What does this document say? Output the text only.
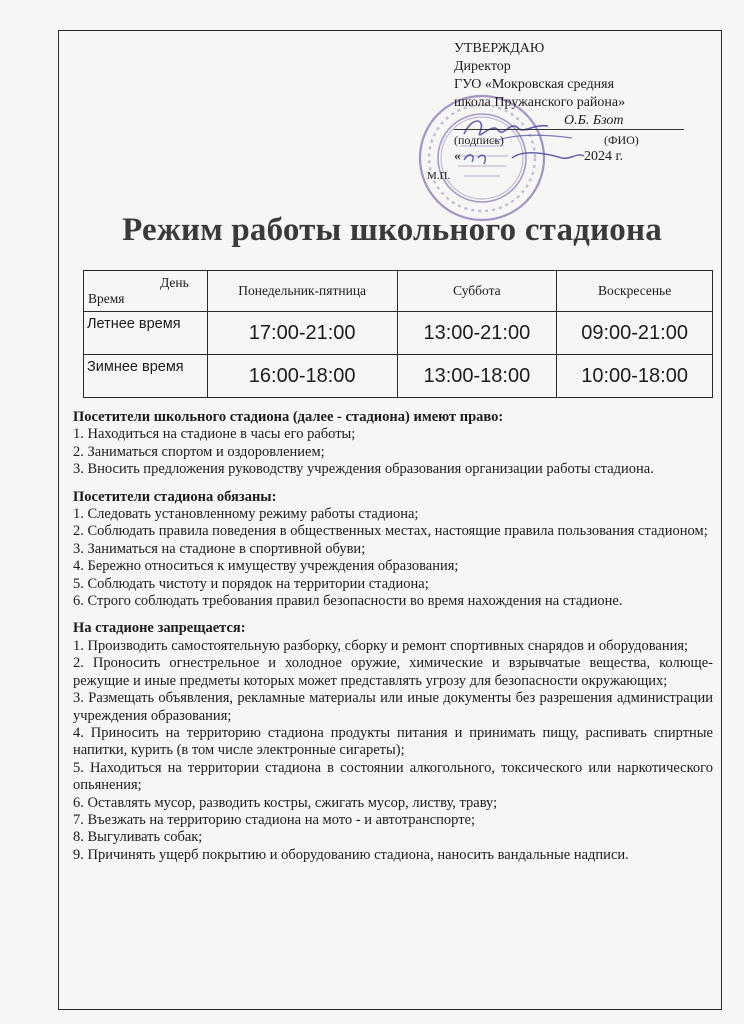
УТВЕРЖДАЮ
Директор
ГУО «Мокровская средняя
школа Пружанского района»
О.Б. Бзот
(подпись)	(ФИО)
«	2024 г.
М.П.
Режим работы школьного стадиона
День
Время	Понедельник-пятница	Суббота	Воскресенье
Летнее время	17:00-21:00	13:00-21:00	09:00-21:00
Зимнее время	16:00-18:00	13:00-18:00	10:00-18:00

Посетители школьного стадиона (далее - стадиона) имеют право:

1. Находиться на стадионе в часы его работы;

2. Заниматься спортом и оздоровлением;

3. Вносить предложения руководству учреждения образования организации работы стадиона.

Посетители стадиона обязаны:

1. Следовать установленному режиму работы стадиона;

2. Соблюдать правила поведения в общественных местах, настоящие правила пользования стадионом;

3. Заниматься на стадионе в спортивной обуви;

4. Бережно относиться к имуществу учреждения образования;

5. Соблюдать чистоту и порядок на территории стадиона;

6. Строго соблюдать требования правил безопасности во время нахождения на стадионе.

На стадионе запрещается:

1. Производить самостоятельную разборку, сборку и ремонт спортивных снарядов и оборудования;

2. Проносить огнестрельное и холодное оружие, химические и взрывчатые вещества, колюще- режущие и иные предметы которых может представлять угрозу для безопасности окружающих;

3. Размещать объявления, рекламные материалы или иные документы без разрешения администрации учреждения образования;

4. Приносить на территорию стадиона продукты питания и принимать пищу, распивать спиртные напитки, курить (в том числе электронные сигареты);

5. Находиться на территории стадиона в состоянии алкогольного, токсического или наркотического опьянения;

6. Оставлять мусор, разводить костры, сжигать мусор, листву, траву;

7. Въезжать на территорию стадиона на мото - и автотранспорте;

8. Выгуливать собак;

9. Причинять ущерб покрытию и оборудованию стадиона, наносить вандальные надписи.
